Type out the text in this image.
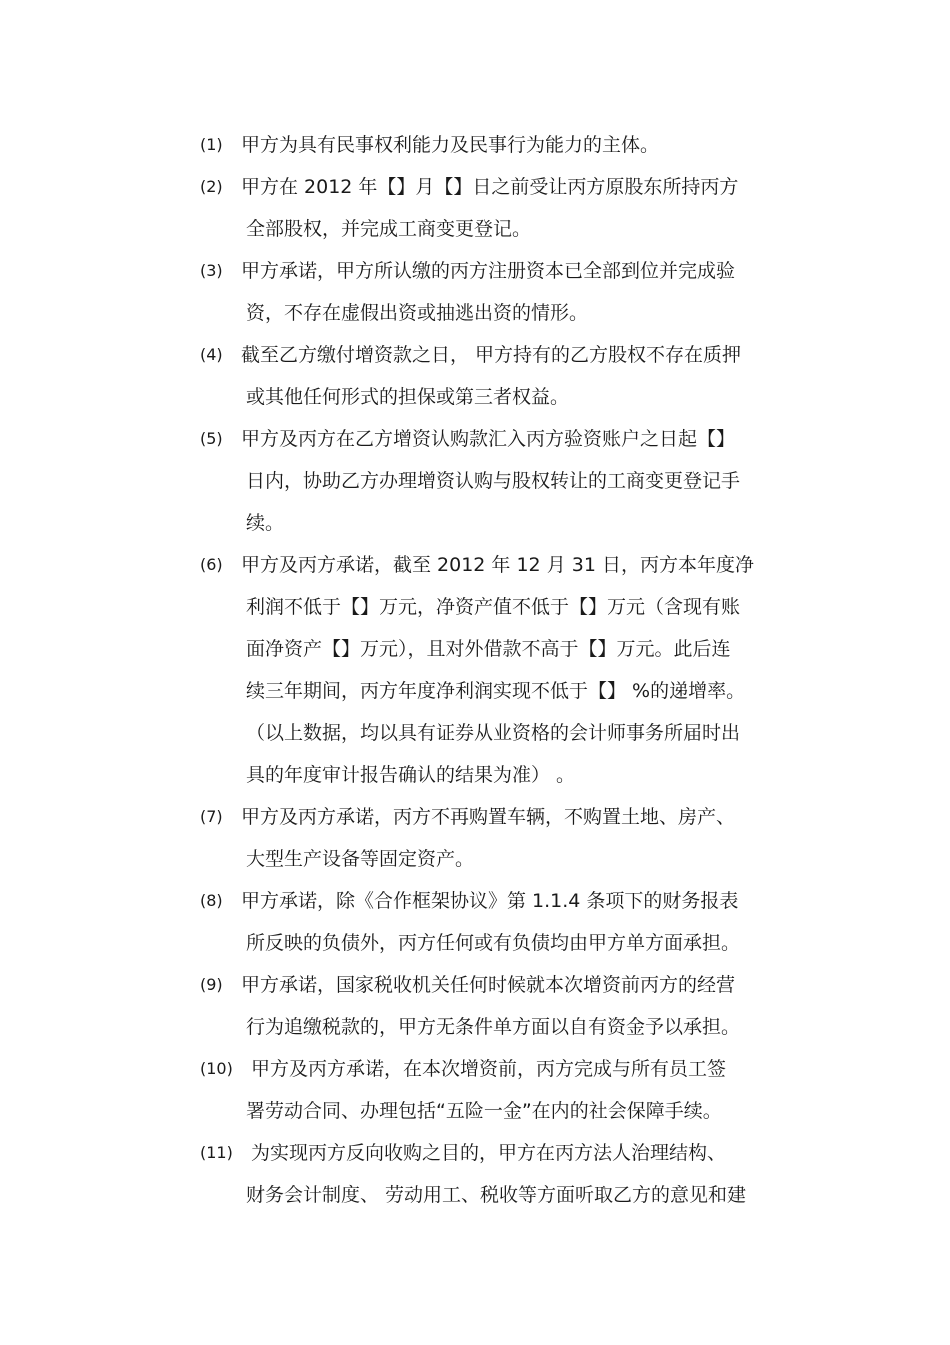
(1) 甲方为具有民事权利能力及民事行为能力的主体。
(2) 甲方在 2012 年【】月【】日之前受让丙方原股东所持丙方
全部股权，并完成工商变更登记。
(3) 甲方承诺，甲方所认缴的丙方注册资本已全部到位并完成验
资，不存在虚假出资或抽逃出资的情形。
(4) 截至乙方缴付增资款之日， 甲方持有的乙方股权不存在质押
或其他任何形式的担保或第三者权益。
(5) 甲方及丙方在乙方增资认购款汇入丙方验资账户之日起【】
日内，协助乙方办理增资认购与股权转让的工商变更登记手
续。
(6) 甲方及丙方承诺，截至 2012 年 12 月 31 日，丙方本年度净
利润不低于【】万元，净资产值不低于【】万元（含现有账
面净资产【】万元），且对外借款不高于【】万元。此后连
续三年期间，丙方年度净利润实现不低于【】 %的递增率。
（以上数据，均以具有证券从业资格的会计师事务所届时出
具的年度审计报告确认的结果为准） 。
(7) 甲方及丙方承诺，丙方不再购置车辆，不购置土地、房产、
大型生产设备等固定资产。
(8) 甲方承诺，除《合作框架协议》第 1.1.4 条项下的财务报表
所反映的负债外，丙方任何或有负债均由甲方单方面承担。
(9) 甲方承诺，国家税收机关任何时候就本次增资前丙方的经营
行为追缴税款的，甲方无条件单方面以自有资金予以承担。
(10) 甲方及丙方承诺，在本次增资前，丙方完成与所有员工签
署劳动合同、办理包括“五险一金”在内的社会保障手续。
(11) 为实现丙方反向收购之目的，甲方在丙方法人治理结构、
财务会计制度、 劳动用工、税收等方面听取乙方的意见和建
